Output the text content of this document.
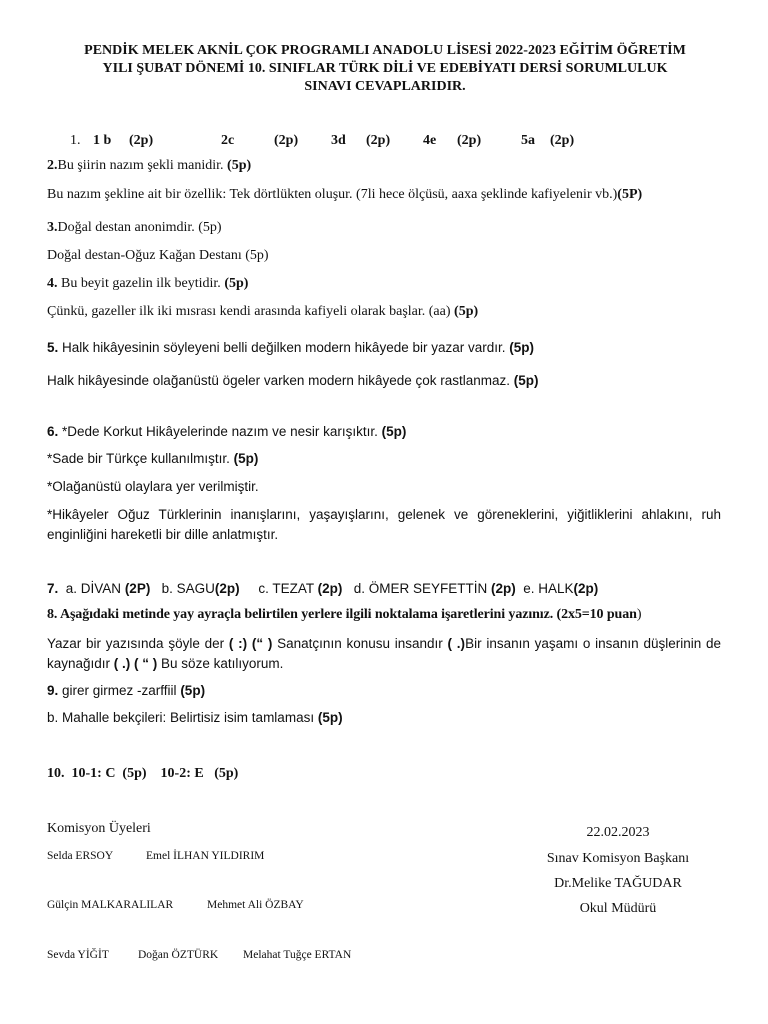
PENDİK MELEK AKNİL ÇOK PROGRAMLI ANADOLU LİSESİ 2022-2023 EĞİTİM ÖĞRETİM
YILI ŞUBAT DÖNEMİ 10. SINIFLAR TÜRK DİLİ VE EDEBİYATI DERSİ SORUMLULUK
SINAVI CEVAPLARIDIR.
1. 1 b (2p)	2c	(2p) 3d (2p) 4e (2p)	5a (2p)
2.Bu şiirin nazım şekli manidir. (5p)
Bu nazım şekline ait bir özellik: Tek dörtlükten oluşur. (7li hece ölçüsü, aaxa şeklinde kafiyelenir vb.)(5P)
3.Doğal destan anonimdir. (5p)
Doğal destan-Oğuz Kağan Destanı (5p)
4. Bu beyit gazelin ilk beytidir. (5p)
Çünkü, gazeller ilk iki mısrası kendi arasında kafiyeli olarak başlar. (aa) (5p)
5. Halk hikâyesinin söyleyeni belli değilken modern hikâyede bir yazar vardır. (5p)
Halk hikâyesinde olağanüstü ögeler varken modern hikâyede çok rastlanmaz. (5p)
6. *Dede Korkut Hikâyelerinde nazım ve nesir karışıktır. (5p)
*Sade bir Türkçe kullanılmıştır. (5p)
*Olağanüstü olaylara yer verilmiştir.
*Hikâyeler Oğuz Türklerinin inanışlarını, yaşayışlarını, gelenek ve göreneklerini, yiğitliklerini ahlakını, ruh enginliğini hareketli bir dille anlatmıştır.
7. a. DİVAN (2P) b. SAGU(2p) c. TEZAT (2p) d. ÖMER SEYFETTİN (2p) e. HALK(2p)
8. Aşağıdaki metinde yay ayraçla belirtilen yerlere ilgili noktalama işaretlerini yazınız. (2x5=10 puan)
Yazar bir yazısında şöyle der ( :) (“ ) Sanatçının konusu insandır ( .)Bir insanın yaşamı o insanın düşlerinin de kaynağıdır ( .) ( “ ) Bu söze katılıyorum.
9. girer girmez -zarffiil (5p)
b. Mahalle bekçileri: Belirtisiz isim tamlaması (5p)
10.  10-1: C  (5p)    10-2: E   (5p)
Komisyon Üyeleri
Selda ERSOY	Emel İLHAN YILDIRIM
Gülçin MALKARALILAR	Mehmet Ali ÖZBAY
Sevda YİĞİT	Doğan ÖZTÜRK Melahat Tuğçe ERTAN
22.02.2023
Sınav Komisyon Başkanı
Dr.Melike TAĞUDAR
Okul Müdürü
